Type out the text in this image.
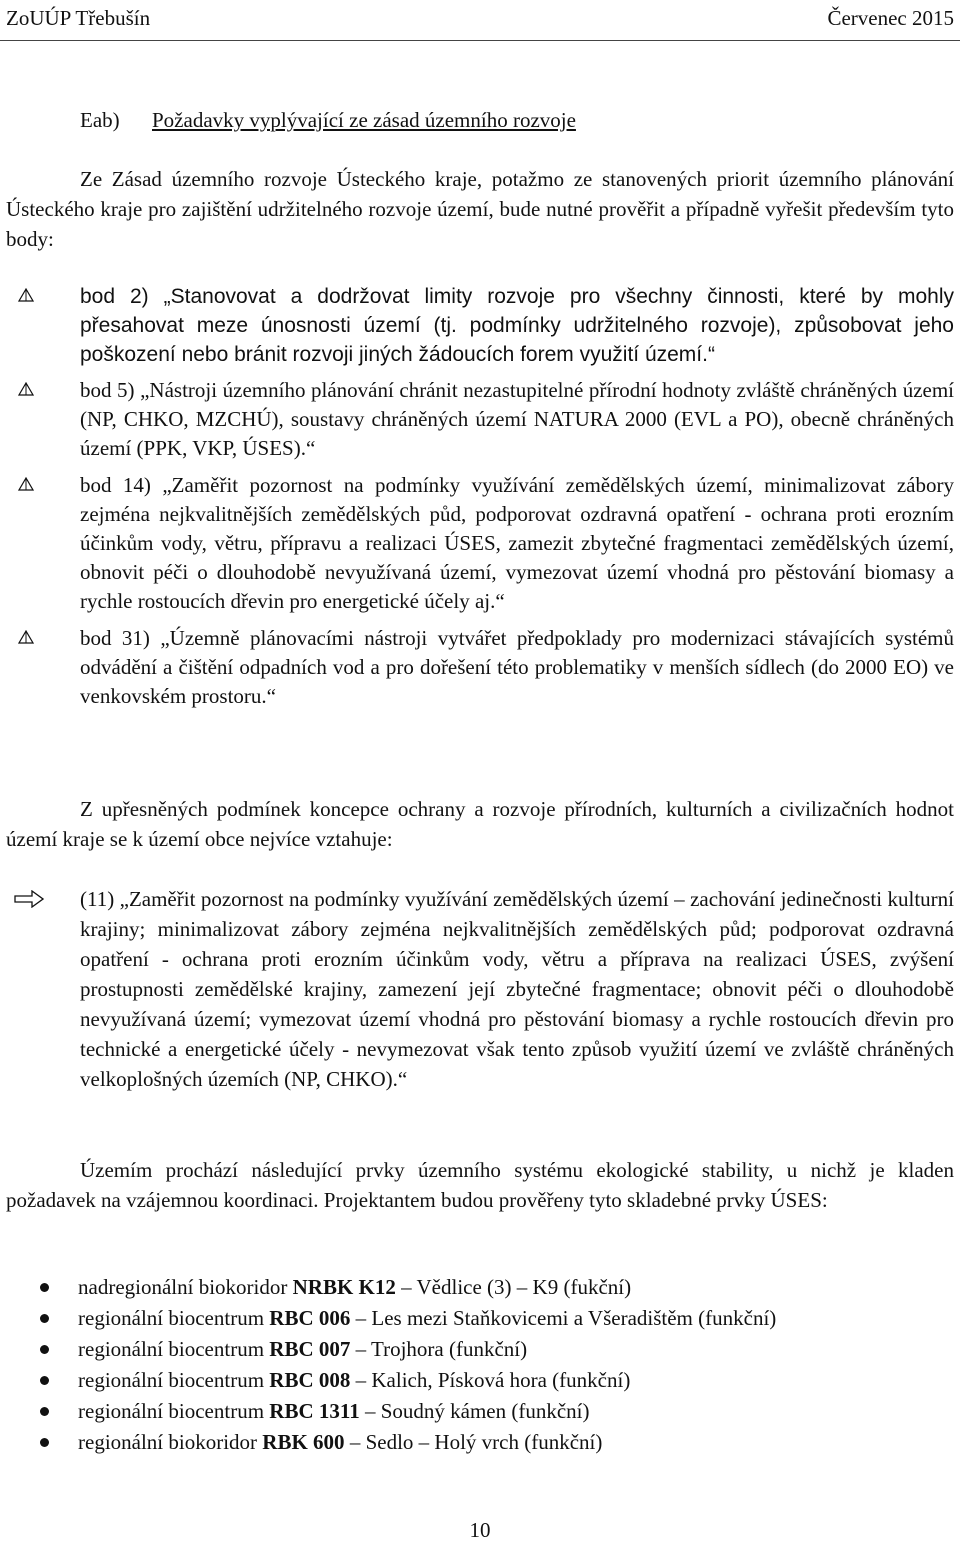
ZoUÚP Třebušín	Červenec 2015
Eab) Požadavky vyplývající ze zásad územního rozvoje
Ze Zásad územního rozvoje Ústeckého kraje, potažmo ze stanovených priorit územního plánování Ústeckého kraje pro zajištění udržitelného rozvoje území, bude nutné prověřit a případně vyřešit především tyto body:
bod 2) „Stanovovat a dodržovat limity rozvoje pro všechny činnosti, které by mohly přesahovat meze únosnosti území (tj. podmínky udržitelného rozvoje), způsobovat jeho poškození nebo bránit rozvoji jiných žádoucích forem využití území.“
bod 5) „Nástroji územního plánování chránit nezastupitelné přírodní hodnoty zvláště chráněných území (NP, CHKO, MZCHÚ), soustavy chráněných území NATURA 2000 (EVL a PO), obecně chráněných území (PPK, VKP, ÚSES).“
bod 14) „Zaměřit pozornost na podmínky využívání zemědělských území, minimalizovat zábory zejména nejkvalitnějších zemědělských půd, podporovat ozdravná opatření - ochrana proti erozním účinkům vody, větru, přípravu a realizaci ÚSES, zamezit zbytečné fragmentaci zemědělských území, obnovit péči o dlouhodobě nevyužívaná území, vymezovat území vhodná pro pěstování biomasy a rychle rostoucích dřevin pro energetické účely aj.“
bod 31) „Územně plánovacími nástroji vytvářet předpoklady pro modernizaci stávajících systémů odvádění a čištění odpadních vod a pro dořešení této problematiky v menších sídlech (do 2000 EO) ve venkovském prostoru.“
Z upřesněných podmínek koncepce ochrany a rozvoje přírodních, kulturních a civilizačních hodnot území kraje se k území obce nejvíce vztahuje:
(11) „Zaměřit pozornost na podmínky využívání zemědělských území – zachování jedinečnosti kulturní krajiny; minimalizovat zábory zejména nejkvalitnějších zemědělských půd; podporovat ozdravná opatření - ochrana proti erozním účinkům vody, větru a příprava na realizaci ÚSES, zvýšení prostupnosti zemědělské krajiny, zamezení její zbytečné fragmentace; obnovit péči o dlouhodobě nevyužívaná území; vymezovat území vhodná pro pěstování biomasy a rychle rostoucích dřevin pro technické a energetické účely - nevymezovat však tento způsob využití území ve zvláště chráněných velkoplošných územích (NP, CHKO).“
Územím prochází následující prvky územního systému ekologické stability, u nichž je kladen požadavek na vzájemnou koordinaci. Projektantem budou prověřeny tyto skladebné prvky ÚSES:
nadregionální biokoridor NRBK K12 – Vědlice (3) – K9 (fukční)
regionální biocentrum RBC 006 – Les mezi Staňkovicemi a Všeradištěm (funkční)
regionální biocentrum RBC 007 – Trojhora (funkční)
regionální biocentrum RBC 008 – Kalich, Písková hora (funkční)
regionální biocentrum RBC 1311 – Soudný kámen (funkční)
regionální biokoridor RBK 600 – Sedlo – Holý vrch (funkční)
10
